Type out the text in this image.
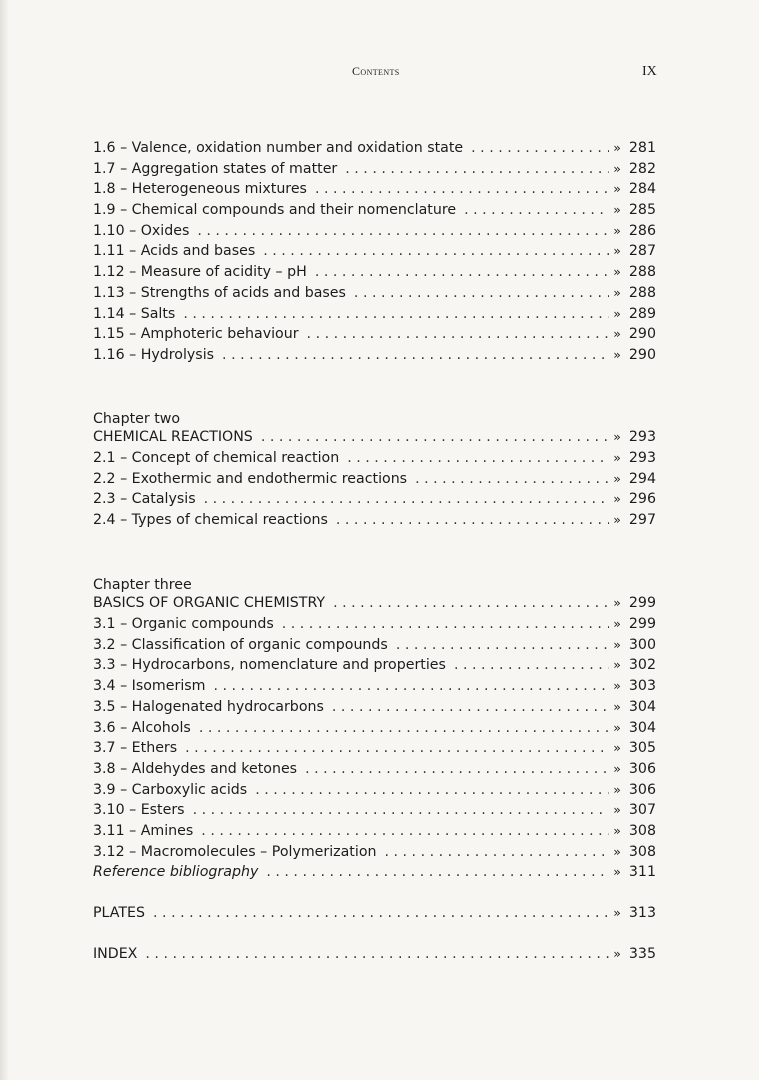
Contents	IX
1.6 – Valence, oxidation number and oxidation state . . .	» 281
1.7 – Aggregation states of matter . . .	» 282
1.8 – Heterogeneous mixtures . . .	» 284
1.9 – Chemical compounds and their nomenclature . . .	» 285
1.10 – Oxides . . .	» 286
1.11 – Acids and bases . . .	» 287
1.12 – Measure of acidity – pH . . .	» 288
1.13 – Strengths of acids and bases . . .	» 288
1.14 – Salts . . .	» 289
1.15 – Amphoteric behaviour . . .	» 290
1.16 – Hydrolysis . . .	» 290
Chapter two
CHEMICAL REACTIONS . . .	» 293
2.1 – Concept of chemical reaction . . .	» 293
2.2 – Exothermic and endothermic reactions . . .	» 294
2.3 – Catalysis . . .	» 296
2.4 – Types of chemical reactions . . .	» 297
Chapter three
BASICS OF ORGANIC CHEMISTRY . . .	» 299
3.1 – Organic compounds . . .	» 299
3.2 – Classification of organic compounds . . .	» 300
3.3 – Hydrocarbons, nomenclature and properties . . .	» 302
3.4 – Isomerism . . .	» 303
3.5 – Halogenated hydrocarbons . . .	» 304
3.6 – Alcohols . . .	» 304
3.7 – Ethers . . .	» 305
3.8 – Aldehydes and ketones . . .	» 306
3.9 – Carboxylic acids . . .	» 306
3.10 – Esters . . .	» 307
3.11 – Amines . . .	» 308
3.12 – Macromolecules – Polymerization . . .	» 308
Reference bibliography . . .	» 311
PLATES . . .	» 313
INDEX . . .	» 335
